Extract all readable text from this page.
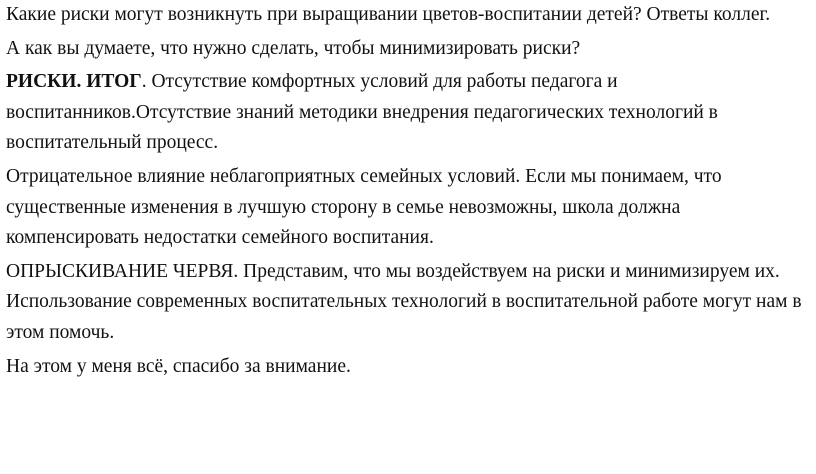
Какие риски могут возникнуть при выращивании цветов-воспитании детей? Ответы коллег.

А как вы думаете, что нужно сделать, чтобы минимизировать риски?

РИСКИ. ИТОГ. Отсутствие комфортных условий для работы педагога и воспитанников.Отсутствие знаний методики внедрения педагогических технологий в воспитательный процесс.

Отрицательное влияние неблагоприятных семейных условий. Если мы понимаем, что существенные изменения в лучшую сторону в семье невозможны, школа должна компенсировать недостатки семейного воспитания.

ОПРЫСКИВАНИЕ ЧЕРВЯ. Представим, что мы воздействуем на риски и минимизируем их. Использование современных воспитательных технологий в воспитательной работе могут нам в этом помочь.

На этом у меня всё, спасибо за внимание.
